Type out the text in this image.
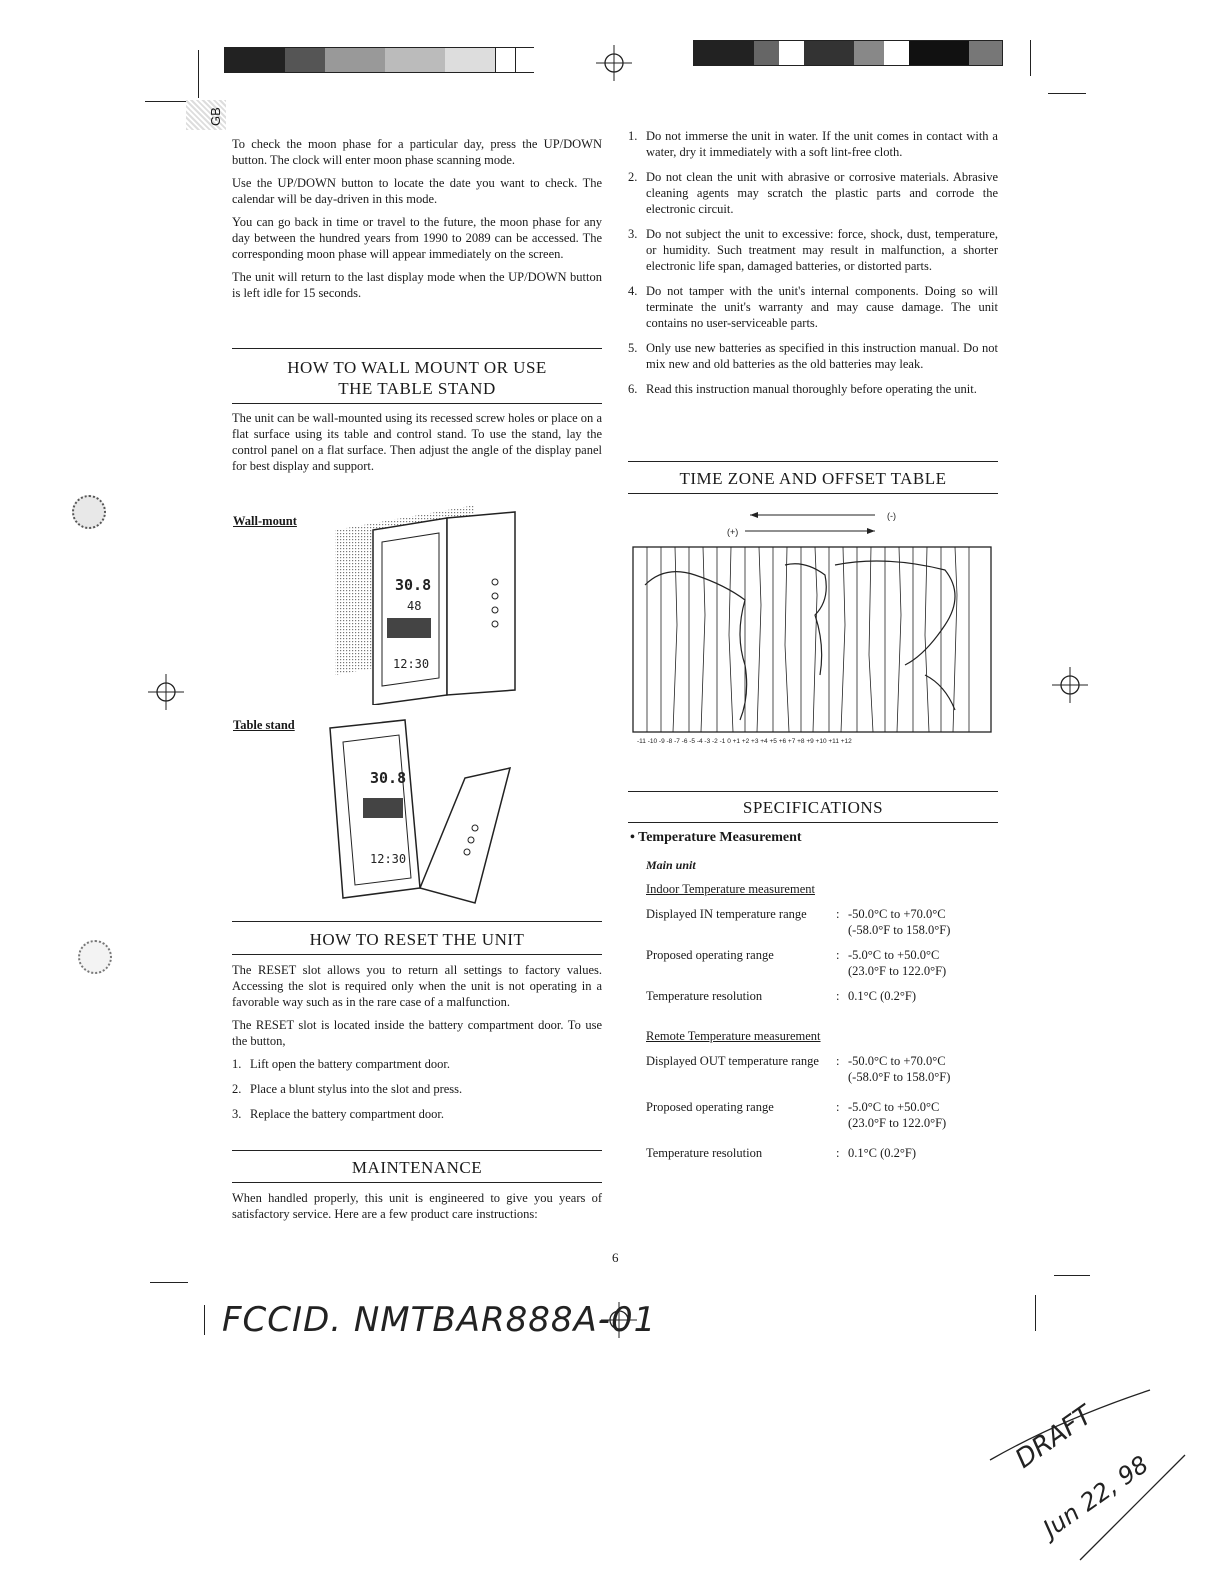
GB

To check the moon phase for a particular day, press the UP/DOWN button. The clock will enter moon phase scanning mode.

Use the UP/DOWN button to locate the date you want to check. The calendar will be day-driven in this mode.

You can go back in time or travel to the future, the moon phase for any day between the hundred years from 1990 to 2089 can be accessed. The corresponding moon phase will appear immediately on the screen.

The unit will return to the last display mode when the UP/DOWN button is left idle for 15 seconds.

HOW TO WALL MOUNT OR USE
THE TABLE STAND
The unit can be wall-mounted using its recessed screw holes or place on a flat surface using its table and control stand. To use the stand, lay the control panel on a flat surface. Then adjust the angle of the display panel for best display and support.
Wall-mount
30.8
48
12:30
Table stand
30.8
12:30
HOW TO RESET THE UNIT

The RESET slot allows you to return all settings to factory values. Accessing the slot is required only when the unit is not operating in a favorable way such as in the rare case of a malfunction.

The RESET slot is located inside the battery compartment door. To use the button,

1. Lift open the battery compartment door.
2. Place a blunt stylus into the slot and press.
3. Replace the battery compartment door.
MAINTENANCE
When handled properly, this unit is engineered to give you years of satisfactory service. Here are a few product care instructions:
1. Do not immerse the unit in water. If the unit comes in contact with a water, dry it immediately with a soft lint-free cloth.
2. Do not clean the unit with abrasive or corrosive materials. Abrasive cleaning agents may scratch the plastic parts and corrode the electronic circuit.
3. Do not subject the unit to excessive: force, shock, dust, temperature, or humidity. Such treatment may result in malfunction, a shorter electronic life span, damaged batteries, or distorted parts.
4. Do not tamper with the unit's internal components. Doing so will terminate the unit's warranty and may cause damage. The unit contains no user-serviceable parts.
5. Only use new batteries as specified in this instruction manual. Do not mix new and old batteries as the old batteries may leak.
6. Read this instruction manual thoroughly before operating the unit.
TIME ZONE AND OFFSET TABLE
(-)
(+)
-11 -10 -9 -8 -7 -6 -5 -4 -3 -2 -1 0 +1 +2 +3 +4 +5 +6 +7 +8 +9 +10 +11 +12
SPECIFICATIONS
• Temperature Measurement
Main unit
Indoor Temperature measurement
Displayed IN temperature range	: -50.0°C to +70.0°C
(-58.0°F to 158.0°F)
Proposed operating range	: -5.0°C to +50.0°C
(23.0°F to 122.0°F)
Temperature resolution	: 0.1°C (0.2°F)
Remote Temperature measurement
Displayed OUT temperature range	: -50.0°C to +70.0°C
(-58.0°F to 158.0°F)
Proposed operating range	: -5.0°C to +50.0°C
(23.0°F to 122.0°F)
Temperature resolution	: 0.1°C (0.2°F)
6
FCCID. NMTBAR888A-01
DRAFT
Jun 22, 98
